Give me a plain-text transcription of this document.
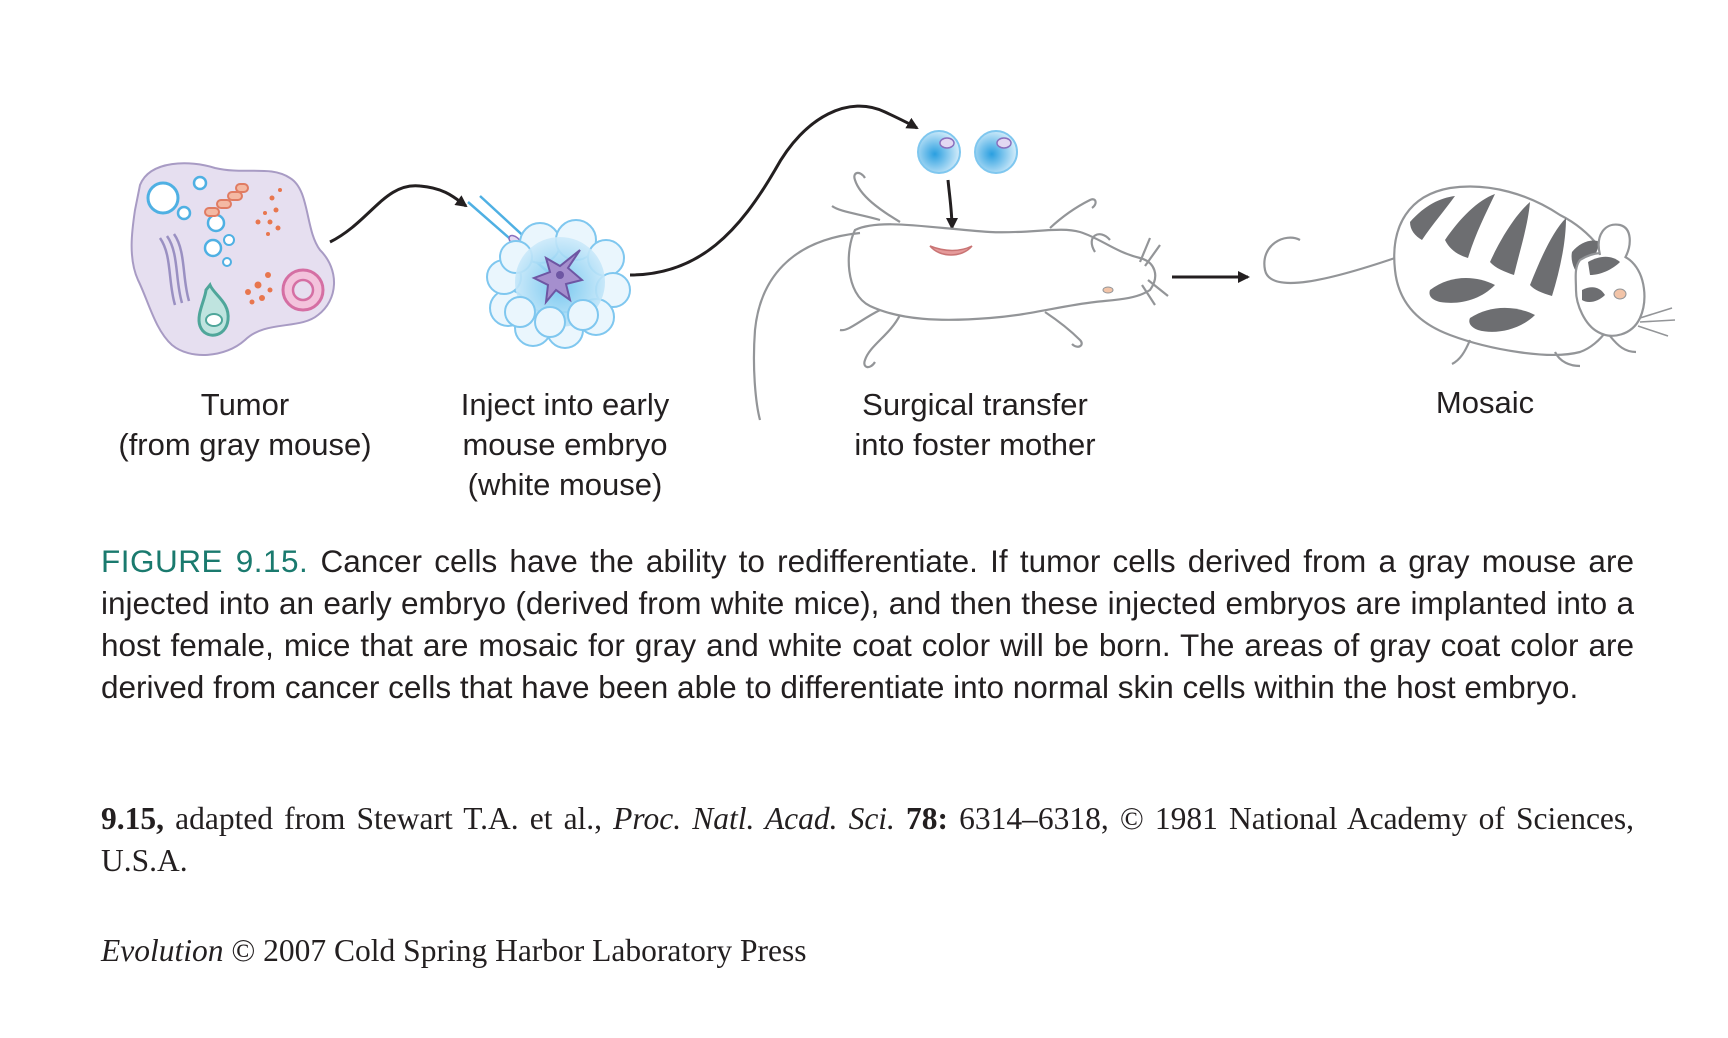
Tumor
(from gray mouse)
Inject into early
mouse embryo
(white mouse)
Surgical transfer
into foster mother
Mosaic

FIGURE 9.15. Cancer cells have the ability to redifferentiate. If tumor cells derived from a gray mouse are injected into an early embryo (derived from white mice), and then these injected embryos are implanted into a host female, mice that are mosaic for gray and white coat color will be born. The areas of gray coat color are derived from cancer cells that have been able to differentiate into normal skin cells within the host embryo.

9.15, adapted from Stewart T.A. et al., Proc. Natl. Acad. Sci. 78: 6314–6318, © 1981 National Academy of Sciences, U.S.A.

Evolution © 2007 Cold Spring Harbor Laboratory Press
